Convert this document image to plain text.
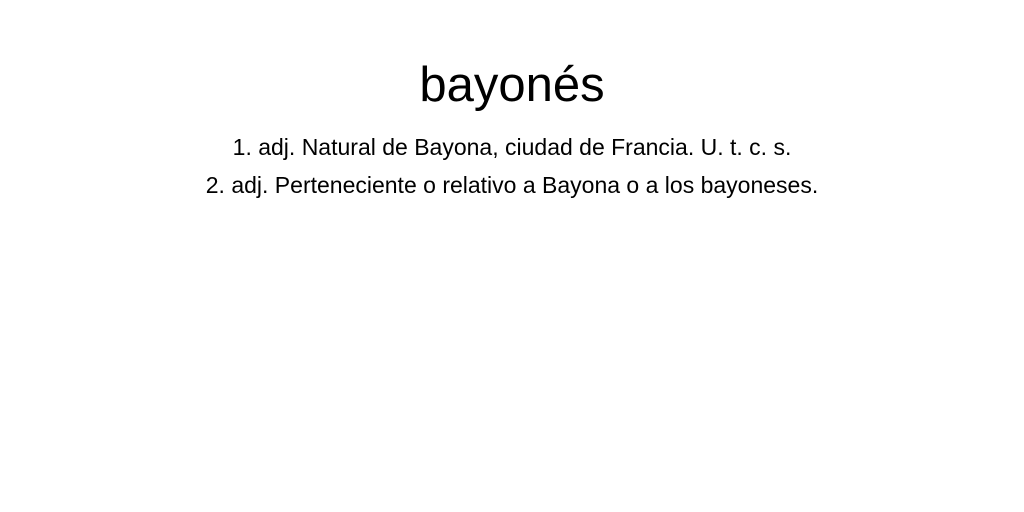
bayonés
1. adj. Natural de Bayona, ciudad de Francia. U. t. c. s.
2. adj. Perteneciente o relativo a Bayona o a los bayoneses.
